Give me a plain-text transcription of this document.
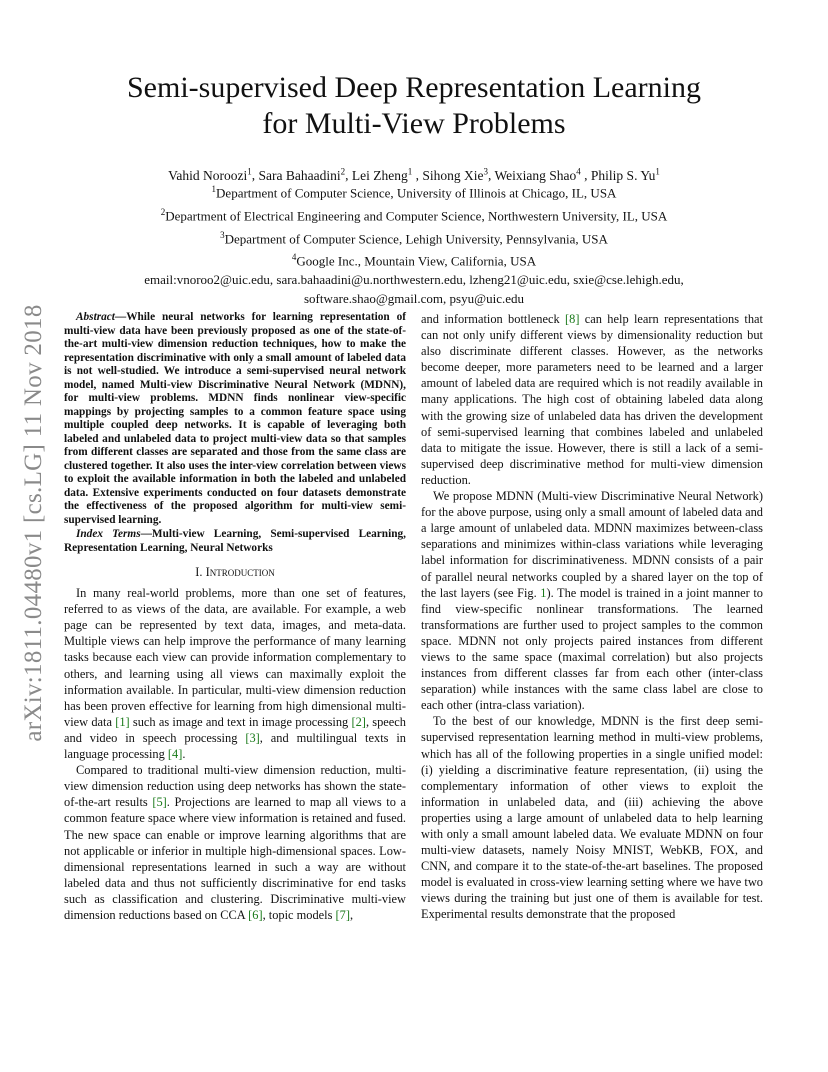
Semi-supervised Deep Representation Learning
for Multi-View Problems
Vahid Noroozi$^1$, Sara Bahaadini$^2$, Lei Zheng$^1$ , Sihong Xie$^3$, Weixiang Shao$^4$ , Philip S. Yu$^1$
$^1$Department of Computer Science, University of Illinois at Chicago, IL, USA
$^2$Department of Electrical Engineering and Computer Science, Northwestern University, IL, USA
$^3$Department of Computer Science, Lehigh University, Pennsylvania, USA
$^4$Google Inc., Mountain View, California, USA
email:vnoroo2@uic.edu, sara.bahaadini@u.northwestern.edu, lzheng21@uic.edu, sxie@cse.lehigh.edu,
software.shao@gmail.com, psyu@uic.edu
arXiv:1811.04480v1 [cs.LG] 11 Nov 2018	Abstract—While neural networks for learning representation of multi-view data have been previously proposed as one of the state-of-the-art multi-view dimension reduction techniques, how to make the representation discriminative with only a small amount of labeled data is not well-studied. We introduce a semi-supervised neural network model, named Multi-view Discriminative Neural Network (MDNN), for multi-view problems. MDNN finds nonlinear view-specific mappings by projecting samples to a common feature space using multiple coupled deep networks. It is capable of leveraging both labeled and unlabeled data to project multi-view data so that samples from different classes are separated and those from the same class are clustered together. It also uses the inter-view correlation between views to exploit the available information in both the labeled and unlabeled data. Extensive experiments conducted on four datasets demonstrate the effectiveness of the proposed algorithm for multi-view semi-supervised learning.

Index Terms—Multi-view Learning, Semi-supervised Learning, Representation Learning, Neural Networks
I. Introduction

In many real-world problems, more than one set of features, referred to as views of the data, are available. For example, a web page can be represented by text data, images, and meta-data. Multiple views can help improve the performance of many learning tasks because each view can provide information complementary to others, and learning using all views can maximally exploit the information available. In particular, multi-view dimension reduction has been proven effective for learning from high dimensional multi-view data [1] such as image and text in image processing [2], speech and video in speech processing [3], and multilingual texts in language processing [4].

Compared to traditional multi-view dimension reduction, multi-view dimension reduction using deep networks has shown the state-of-the-art results [5]. Projections are learned to map all views to a common feature space where view information is retained and fused. The new space can enable or improve learning algorithms that are not applicable or inferior in multiple high-dimensional spaces. Low-dimensional representations learned in such a way are without labeled data and thus not sufficiently discriminative for end tasks such as classification and clustering. Discriminative multi-view dimension reductions based on CCA [6], topic models [7],

and information bottleneck [8] can help learn representations that can not only unify different views by dimensionality reduction but also discriminate different classes. However, as the networks become deeper, more parameters need to be learned and a larger amount of labeled data are required which is not readily available in many applications. The high cost of obtaining labeled data along with the growing size of unlabeled data has driven the development of semi-supervised learning that combines labeled and unlabeled data to mitigate the issue. However, there is still a lack of a semi-supervised deep discriminative method for multi-view dimension reduction.

We propose MDNN (Multi-view Discriminative Neural Network) for the above purpose, using only a small amount of labeled data and a large amount of unlabeled data. MDNN maximizes between-class separations and minimizes within-class variations while leveraging label information for discriminativeness. MDNN consists of a pair of parallel neural networks coupled by a shared layer on the top of the last layers (see Fig. 1). The model is trained in a joint manner to find view-specific nonlinear transformations. The learned transformations are further used to project samples to the common space. MDNN not only projects paired instances from different views to the same space (maximal correlation) but also projects instances from different classes far from each other (inter-class separation) while instances with the same class label are close to each other (intra-class variation).

To the best of our knowledge, MDNN is the first deep semi-supervised representation learning method in multi-view problems, which has all of the following properties in a single unified model: (i) yielding a discriminative feature representation, (ii) using the complementary information of other views to exploit the information in unlabeled data, and (iii) achieving the above properties using a large amount of unlabeled data to help learning with only a small amount labeled data. We evaluate MDNN on four multi-view datasets, namely Noisy MNIST, WebKB, FOX, and CNN, and compare it to the state-of-the-art baselines. The proposed model is evaluated in cross-view learning setting where we have two views during the training but just one of them is available for test. Experimental results demonstrate that the proposed
